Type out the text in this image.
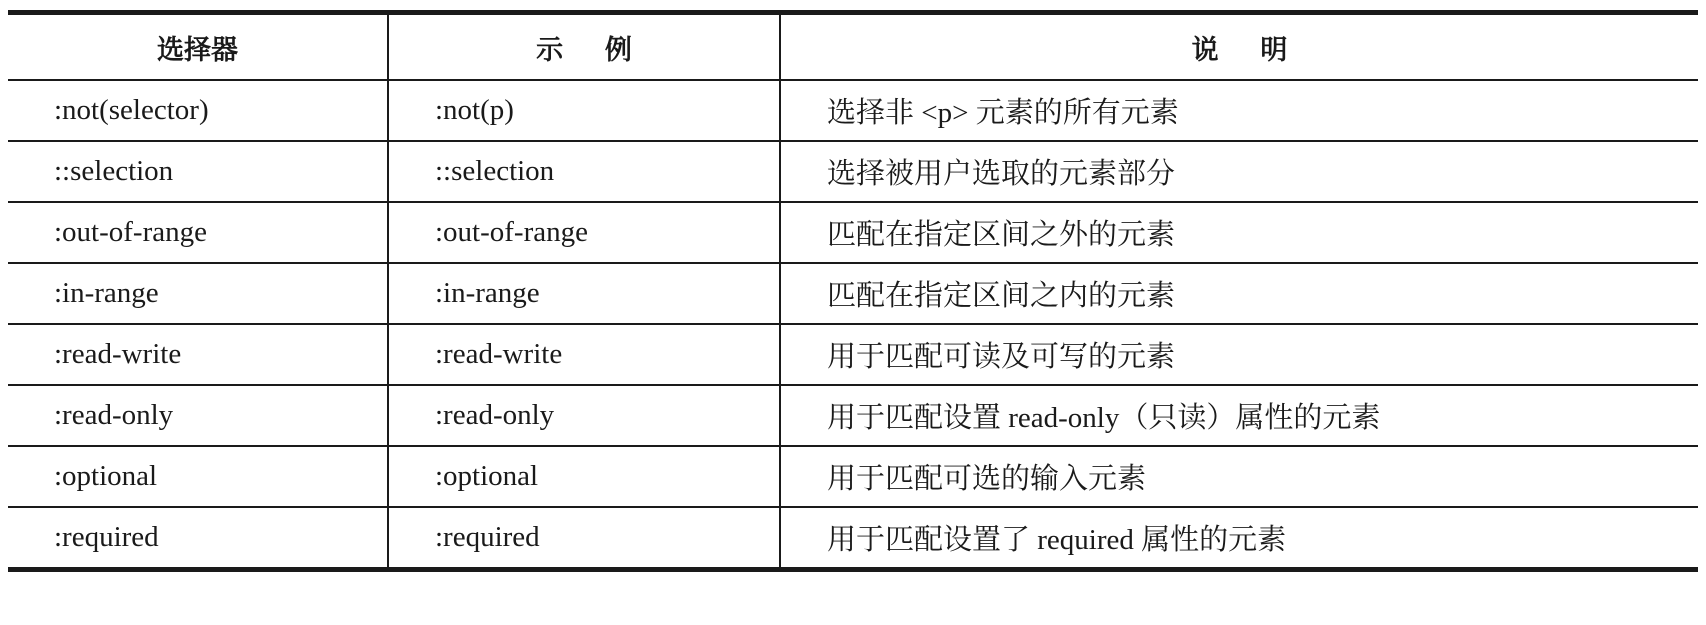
选择器	示 例	说 明
:not(selector)	:not(p)	选择非 <p> 元素的所有元素
::selection	::selection	选择被用户选取的元素部分
:out-of-range	:out-of-range	匹配在指定区间之外的元素
:in-range	:in-range	匹配在指定区间之内的元素
:read-write	:read-write	用于匹配可读及可写的元素
:read-only	:read-only	用于匹配设置 read-only（只读）属性的元素
:optional	:optional	用于匹配可选的输入元素
:required	:required	用于匹配设置了 required 属性的元素
